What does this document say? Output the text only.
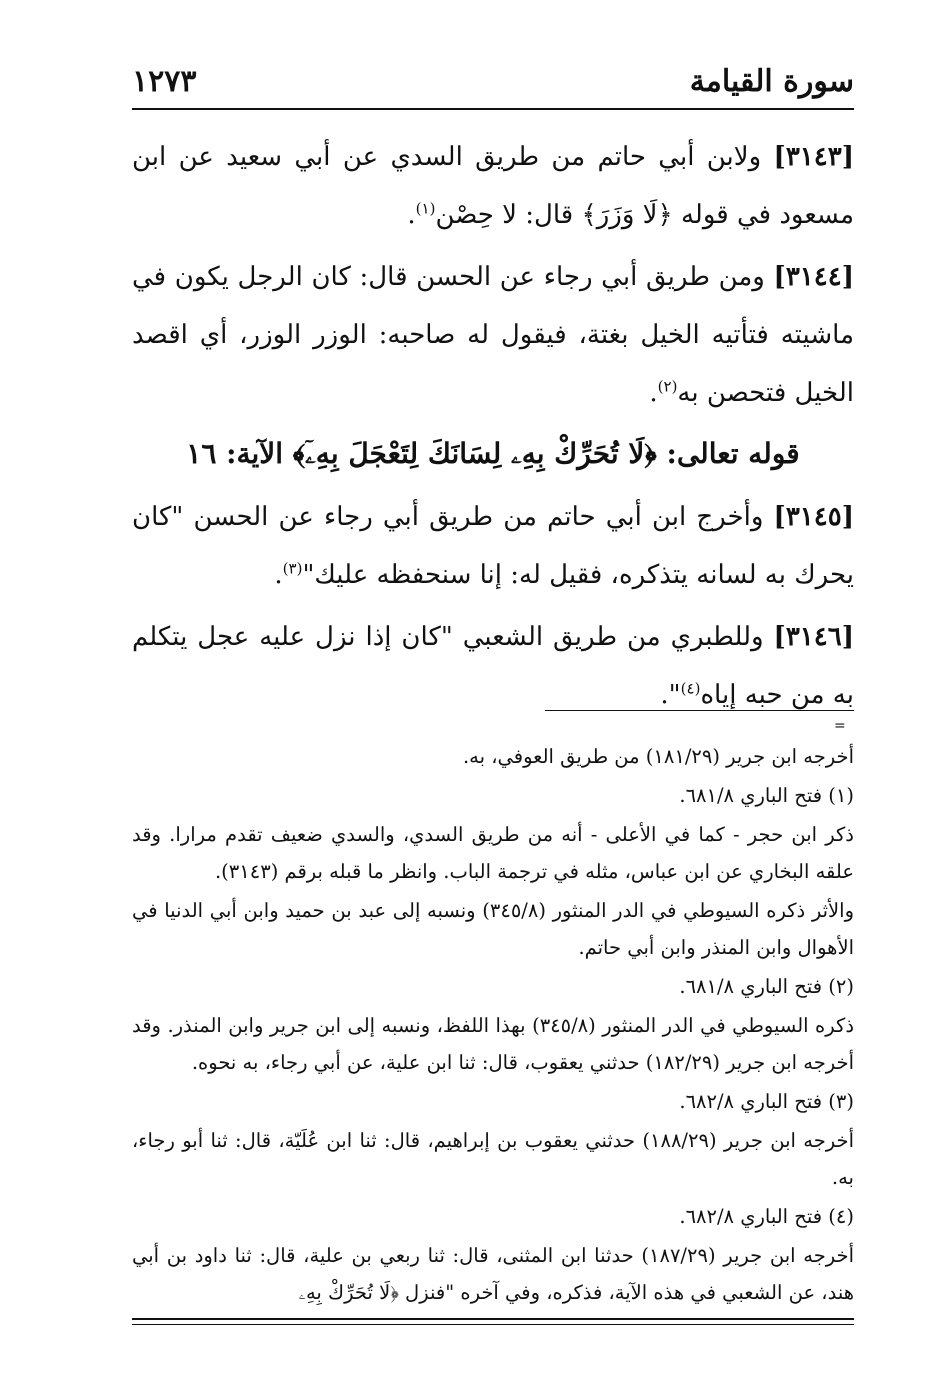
سورة القيامة
١٢٧٣

[٣١٤٣] ولابن أبي حاتم من طريق السدي عن أبي سعيد عن ابن مسعود في قوله ﴿لَا وَزَرَ﴾ قال: لا حِصْن$^{(١)}$.

[٣١٤٤] ومن طريق أبي رجاء عن الحسن قال: كان الرجل يكون في ماشيته فتأتيه الخيل بغتة، فيقول له صاحبه: الوزر الوزر، أي اقصد الخيل فتحصن به$^{(٢)}$.

قوله تعالى: ﴿لَا تُحَرِّكْ بِهِۦ لِسَانَكَ لِتَعْجَلَ بِهِۦٓ﴾ الآية: ١٦

[٣١٤٥] وأخرج ابن أبي حاتم من طريق أبي رجاء عن الحسن "كان يحرك به لسانه يتذكره، فقيل له: إنا سنحفظه عليك"$^{(٣)}$.

[٣١٤٦] وللطبري من طريق الشعبي "كان إذا نزل عليه عجل يتكلم به من حبه إياه$^{(٤)}$".

=

أخرجه ابن جرير (١٨١/٢٩) من طريق العوفي، به.

(١) فتح الباري ٦٨١/٨.

ذكر ابن حجر - كما في الأعلى - أنه من طريق السدي، والسدي ضعيف تقدم مرارا. وقد علقه البخاري عن ابن عباس، مثله في ترجمة الباب. وانظر ما قبله برقم (٣١٤٣).

والأثر ذكره السيوطي في الدر المنثور (٣٤٥/٨) ونسبه إلى عبد بن حميد وابن أبي الدنيا في الأهوال وابن المنذر وابن أبي حاتم.

(٢) فتح الباري ٦٨١/٨.

ذكره السيوطي في الدر المنثور (٣٤٥/٨) بهذا اللفظ، ونسبه إلى ابن جرير وابن المنذر. وقد أخرجه ابن جرير (١٨٢/٢٩) حدثني يعقوب، قال: ثنا ابن علية، عن أبي رجاء، به نحوه.

(٣) فتح الباري ٦٨٢/٨.

أخرجه ابن جرير (١٨٨/٢٩) حدثني يعقوب بن إبراهيم، قال: ثنا ابن عُلَيّة، قال: ثنا أبو رجاء، به.

(٤) فتح الباري ٦٨٢/٨.

أخرجه ابن جرير (١٨٧/٢٩) حدثنا ابن المثنى، قال: ثنا ربعي بن علية، قال: ثنا داود بن أبي هند، عن الشعبي في هذه الآية، فذكره، وفي آخره "فنزل ﴿لَا تُحَرِّكْ بِهِۦ
